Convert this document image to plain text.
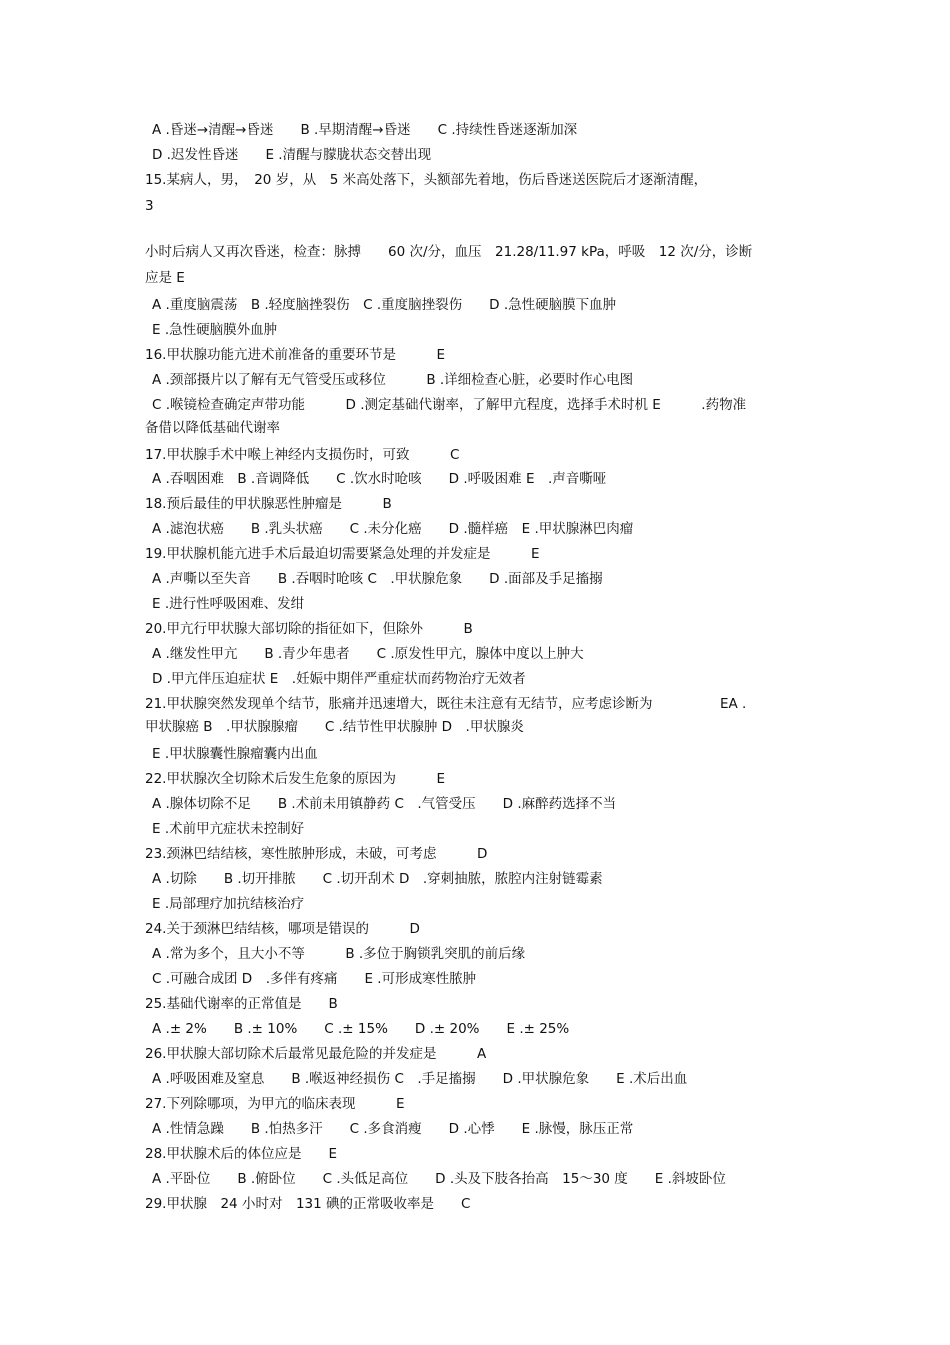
A .昏迷→清醒→昏迷　　B .早期清醒→昏迷　　C .持续性昏迷逐渐加深
D .迟发性昏迷　　E .清醒与朦胧状态交替出现
15.某病人，男，　20 岁，从　5 米高处落下，头额部先着地，伤后昏迷送医院后才逐渐清醒，
3
小时后病人又再次昏迷，检查：脉搏　　60 次/分，血压　21.28/11.97 kPa，呼吸　12 次/分，诊断
应是 E
A .重度脑震荡　B .轻度脑挫裂伤　C .重度脑挫裂伤　　D .急性硬脑膜下血肿
E .急性硬脑膜外血肿
16.甲状腺功能亢进术前准备的重要环节是　　　E
A .颈部摄片以了解有无气管受压或移位　　　B .详细检查心脏，必要时作心电图
C .喉镜检查确定声带功能　　　D .测定基础代谢率，了解甲亢程度，选择手术时机 E　　　.药物准
备借以降低基础代谢率
17.甲状腺手术中喉上神经内支损伤时，可致　　　C
A .吞咽困难　B .音调降低　　C .饮水时呛咳　　D .呼吸困难 E　.声音嘶哑
18.预后最佳的甲状腺恶性肿瘤是　　　B
A .滤泡状癌　　B .乳头状癌　　C .未分化癌　　D .髓样癌　E .甲状腺淋巴肉瘤
19.甲状腺机能亢进手术后最迫切需要紧急处理的并发症是　　　E
A .声嘶以至失音　　B .吞咽时呛咳 C　.甲状腺危象　　D .面部及手足搐搦
E .进行性呼吸困难、发绀
20.甲亢行甲状腺大部切除的指征如下，但除外　　　B
A .继发性甲亢　　B .青少年患者　　C .原发性甲亢，腺体中度以上肿大
D .甲亢伴压迫症状 E　.妊娠中期伴严重症状而药物治疗无效者
21.甲状腺突然发现单个结节，胀痛并迅速增大，既往未注意有无结节，应考虑诊断为　　　　　EA .
甲状腺癌 B　.甲状腺腺瘤　　C .结节性甲状腺肿 D　.甲状腺炎
E .甲状腺囊性腺瘤囊内出血
22.甲状腺次全切除术后发生危象的原因为　　　E
A .腺体切除不足　　B .术前未用镇静药 C　.气管受压　　D .麻醉药选择不当
E .术前甲亢症状未控制好
23.颈淋巴结结核，寒性脓肿形成，未破，可考虑　　　D
A .切除　　B .切开排脓　　C .切开刮术 D　.穿刺抽脓，脓腔内注射链霉素
E .局部理疗加抗结核治疗
24.关于颈淋巴结结核，哪项是错误的　　　D
A .常为多个，且大小不等　　　B .多位于胸锁乳突肌的前后缘
C .可融合成团 D　.多伴有疼痛　　E .可形成寒性脓肿
25.基础代谢率的正常值是　　B
A .± 2%　　B .± 10%　　C .± 15%　　D .± 20%　　E .± 25%
26.甲状腺大部切除术后最常见最危险的并发症是　　　A
A .呼吸困难及窒息　　B .喉返神经损伤 C　.手足搐搦　　D .甲状腺危象　　E .术后出血
27.下列除哪项，为甲亢的临床表现　　　E
A .性情急躁　　B .怕热多汗　　C .多食消瘦　　D .心悸　　E .脉慢，脉压正常
28.甲状腺术后的体位应是　　E
A .平卧位　　B .俯卧位　　C .头低足高位　　D .头及下肢各抬高　15～30 度　　E .斜坡卧位
29.甲状腺　24 小时对　131 碘的正常吸收率是　　C
